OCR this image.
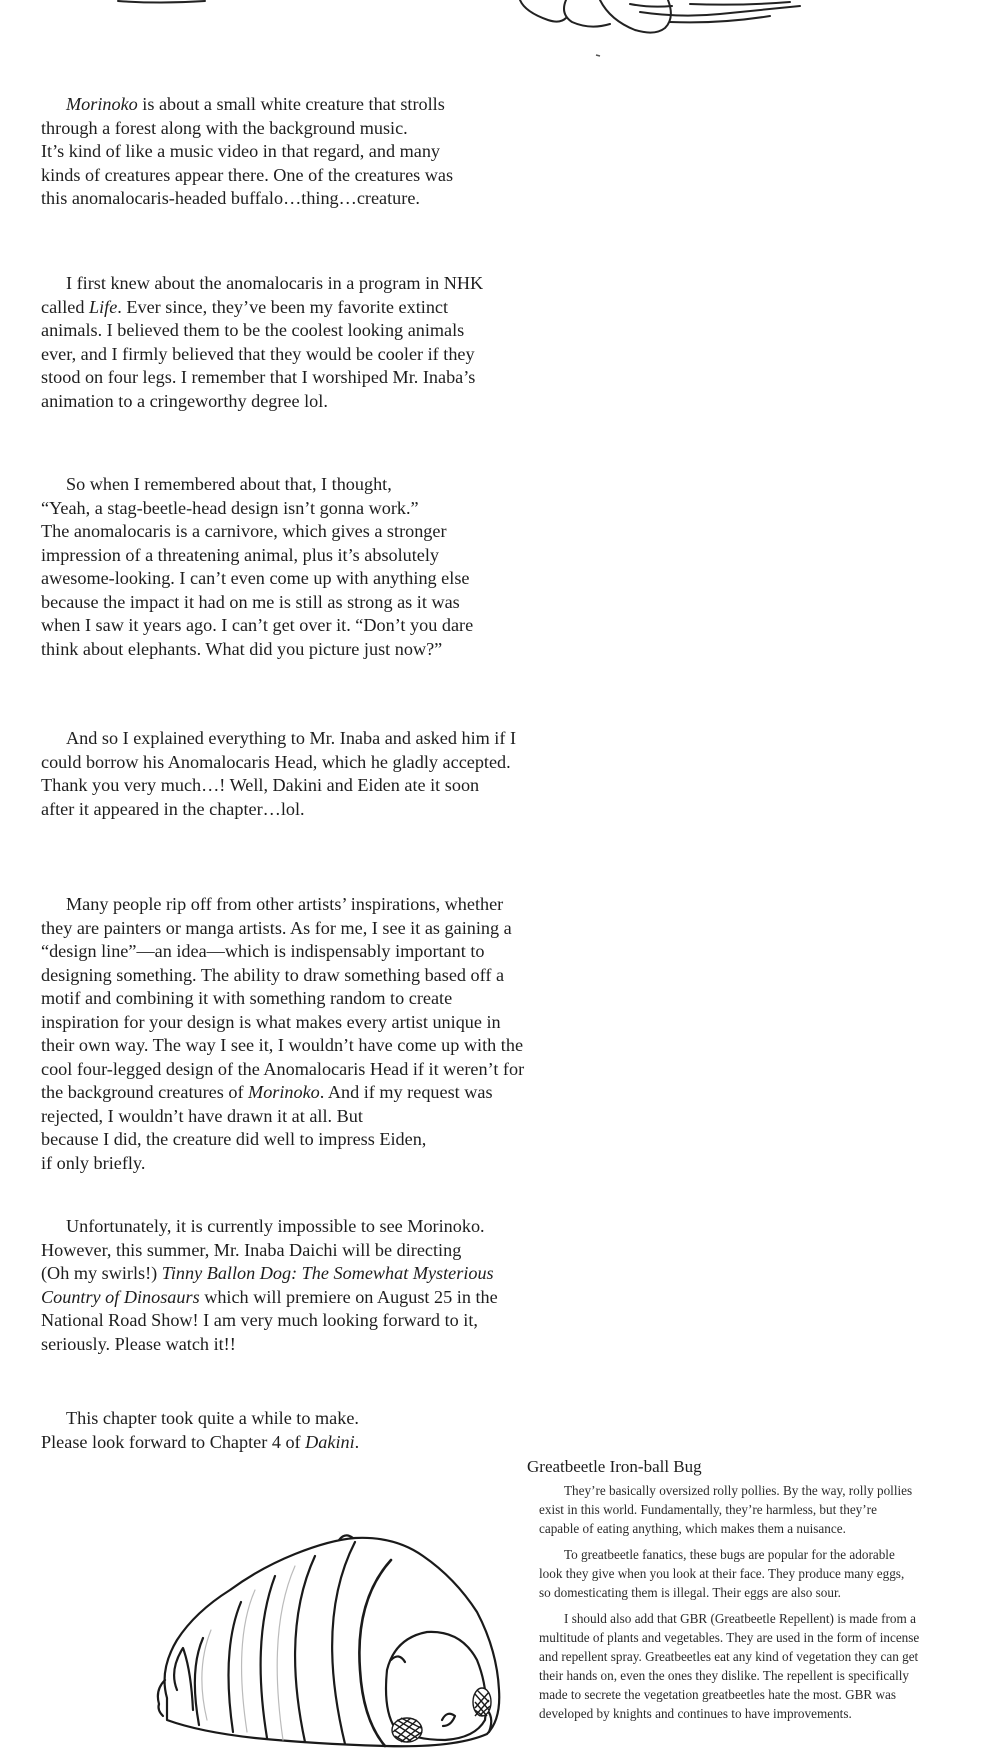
Morinoko is about a small white creature that strolls
through a forest along with the background music.
It’s kind of like a music video in that regard, and many
kinds of creatures appear there. One of the creatures was
this anomalocaris-headed buffalo…thing…creature.

I first knew about the anomalocaris in a program in NHK
called Life. Ever since, they’ve been my favorite extinct
animals. I believed them to be the coolest looking animals
ever, and I firmly believed that they would be cooler if they
stood on four legs. I remember that I worshiped Mr. Inaba’s
animation to a cringeworthy degree lol.

So when I remembered about that, I thought,
“Yeah, a stag-beetle-head design isn’t gonna work.”
The anomalocaris is a carnivore, which gives a stronger
impression of a threatening animal, plus it’s absolutely
awesome-looking. I can’t even come up with anything else
because the impact it had on me is still as strong as it was
when I saw it years ago. I can’t get over it. “Don’t you dare
think about elephants. What did you picture just now?”

And so I explained everything to Mr. Inaba and asked him if I
could borrow his Anomalocaris Head, which he gladly accepted.
Thank you very much…! Well, Dakini and Eiden ate it soon
after it appeared in the chapter…lol.

Many people rip off from other artists’ inspirations, whether
they are painters or manga artists. As for me, I see it as gaining a
“design line”—an idea—which is indispensably important to
designing something. The ability to draw something based off a
motif and combining it with something random to create
inspiration for your design is what makes every artist unique in
their own way. The way I see it, I wouldn’t have come up with the
cool four-legged design of the Anomalocaris Head if it weren’t for
the background creatures of Morinoko. And if my request was
rejected, I wouldn’t have drawn it at all. But
because I did, the creature did well to impress Eiden,
if only briefly.

Unfortunately, it is currently impossible to see Morinoko.
However, this summer, Mr. Inaba Daichi will be directing
(Oh my swirls!) Tinny Ballon Dog: The Somewhat Mysterious
Country of Dinosaurs which will premiere on August 25 in the
National Road Show! I am very much looking forward to it,
seriously. Please watch it!!

This chapter took quite a while to make.
Please look forward to Chapter 4 of Dakini.

Greatbeetle Iron-ball Bug

They’re basically oversized rolly pollies. By the way, rolly pollies
exist in this world. Fundamentally, they’re harmless, but they’re
capable of eating anything, which makes them a nuisance.

To greatbeetle fanatics, these bugs are popular for the adorable
look they give when you look at their face. They produce many eggs,
so domesticating them is illegal. Their eggs are also sour.

I should also add that GBR (Greatbeetle Repellent) is made from a
multitude of plants and vegetables. They are used in the form of incense
and repellent spray. Greatbeetles eat any kind of vegetation they can get
their hands on, even the ones they dislike. The repellent is specifically
made to secrete the vegetation greatbeetles hate the most. GBR was
developed by knights and continues to have improvements.
